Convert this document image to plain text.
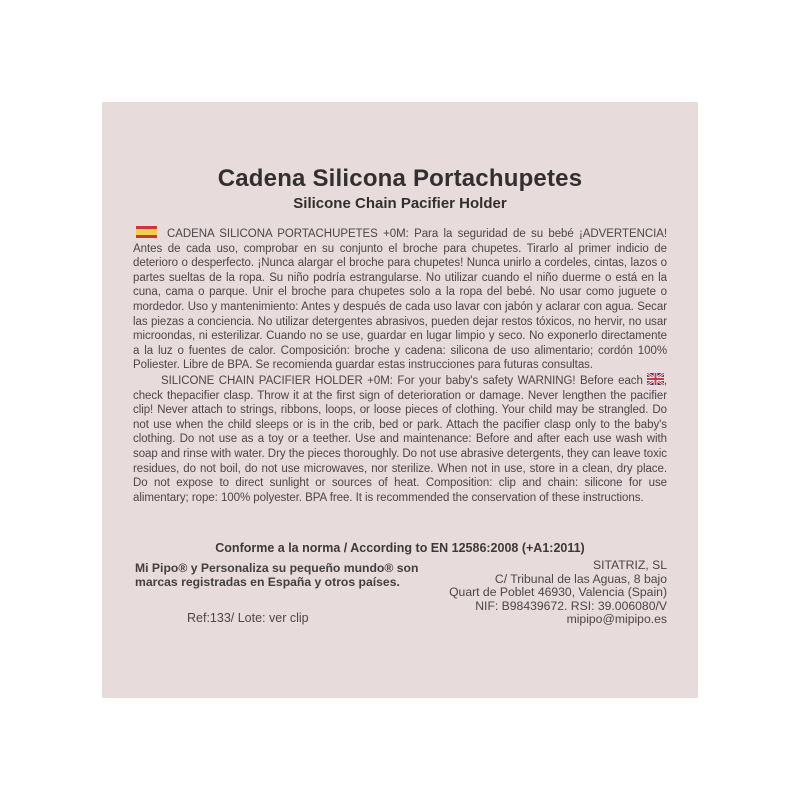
Cadena Silicona Portachupetes
Silicone Chain Pacifier Holder

CADENA SILICONA PORTACHUPETES +0M: Para la seguridad de su bebé ¡ADVERTENCIA! Antes de cada uso, comprobar en su conjunto el broche para chupetes. Tirarlo al primer indicio de deterioro o desperfecto. ¡Nunca alargar el broche para chupetes! Nunca unirlo a cordeles, cintas, lazos o partes sueltas de la ropa. Su niño podría estrangularse. No utilizar cuando el niño duerme o está en la cuna, cama o parque. Unir el broche para chupetes solo a la ropa del bebé. No usar como juguete o mordedor. Uso y mantenimiento: Antes y después de cada uso lavar con jabón y aclarar con agua. Secar las piezas a conciencia. No utilizar detergentes abrasivos, pueden dejar restos tóxicos, no hervir, no usar microondas, ni esterilizar. Cuando no se use, guardar en lugar limpio y seco. No exponerlo directamente a la luz o fuentes de calor. Composición: broche y cadena: silicona de uso alimentario; cordón 100% Poliester. Libre de BPA. Se recomienda guardar estas instrucciones para futuras consultas.

SILICONE CHAIN PACIFIER HOLDER +0M: For your baby's safety WARNING! Before each , check thepacifier clasp. Throw it at the first sign of deterioration or damage. Never lengthen the pacifier clip! Never attach to strings, ribbons, loops, or loose pieces of clothing. Your child may be strangled. Do not use when the child sleeps or is in the crib, bed or park. Attach the pacifier clasp only to the baby's clothing. Do not use as a toy or a teether. Use and maintenance: Before and after each use wash with soap and rinse with water. Dry the pieces thoroughly. Do not use abrasive detergents, they can leave toxic residues, do not boil, do not use microwaves, nor sterilize. When not in use, store in a clean, dry place. Do not expose to direct sunlight or sources of heat. Composition: clip and chain: silicone for use alimentary; rope: 100% polyester. BPA free. It is recommended the conservation of these instructions.

Conforme a la norma / According to EN 12586:2008 (+A1:2011)
Mi Pipo® y Personaliza su pequeño mundo® son marcas registradas en España y otros países.
SITATRIZ, SL
C/ Tribunal de las Aguas, 8 bajo
Quart de Poblet 46930, Valencia (Spain)
NIF: B98439672. RSI: 39.006080/V
mipipo@mipipo.es
Ref:133/ Lote: ver clip
